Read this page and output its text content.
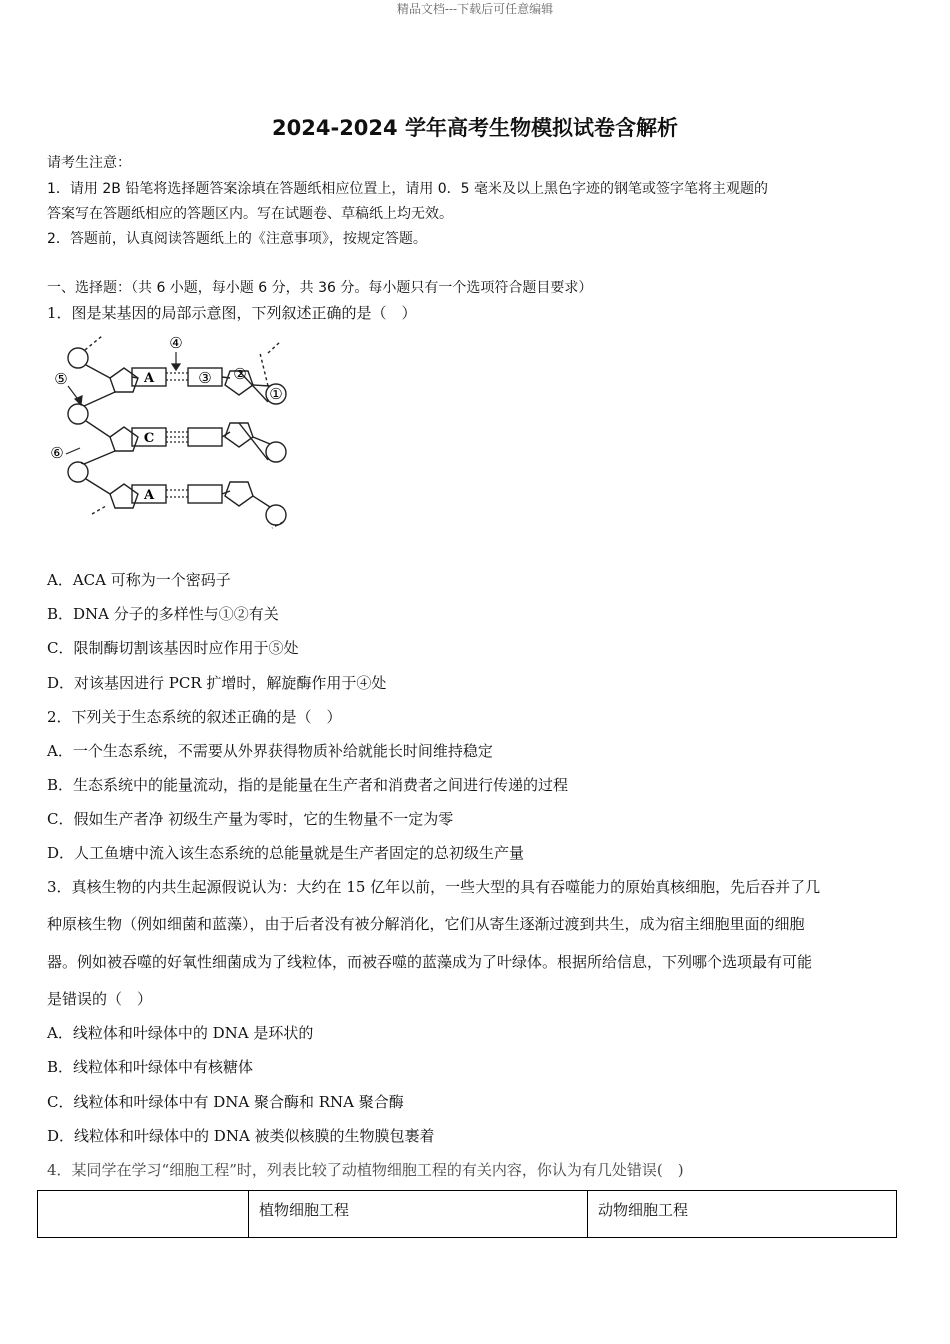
精品文档---下载后可任意编辑
2024-2024 学年高考生物模拟试卷含解析
请考生注意：
1．请用 2B 铅笔将选择题答案涂填在答题纸相应位置上，请用 0．5 毫米及以上黑色字迹的钢笔或签字笔将主观题的
答案写在答题纸相应的答题区内。写在试题卷、草稿纸上均无效。
2．答题前，认真阅读答题纸上的《注意事项》，按规定答题。
一、选择题：（共 6 小题，每小题 6 分，共 36 分。每小题只有一个选项符合题目要求）
1．图是某基因的局部示意图，下列叙述正确的是（　）
A
C
A
③
④
②
①
⑤
⑥
A．ACA 可称为一个密码子
B．DNA 分子的多样性与①②有关
C．限制酶切割该基因时应作用于⑤处
D．对该基因进行 PCR 扩增时，解旋酶作用于④处
2．下列关于生态系统的叙述正确的是（　）
A．一个生态系统，不需要从外界获得物质补给就能长时间维持稳定
B．生态系统中的能量流动，指的是能量在生产者和消费者之间进行传递的过程
C．假如生产者净 初级生产量为零时，它的生物量不一定为零
D．人工鱼塘中流入该生态系统的总能量就是生产者固定的总初级生产量
3．真核生物的内共生起源假说认为：大约在 15 亿年以前，一些大型的具有吞噬能力的原始真核细胞，先后吞并了几
种原核生物（例如细菌和蓝藻），由于后者没有被分解消化，它们从寄生逐渐过渡到共生，成为宿主细胞里面的细胞
器。例如被吞噬的好氧性细菌成为了线粒体，而被吞噬的蓝藻成为了叶绿体。根据所给信息，下列哪个选项最有可能
是错误的（　）
A．线粒体和叶绿体中的 DNA 是环状的
B．线粒体和叶绿体中有核糖体
C．线粒体和叶绿体中有 DNA 聚合酶和 RNA 聚合酶
D．线粒体和叶绿体中的 DNA 被类似核膜的生物膜包裹着
4．某同学在学习“细胞工程”时，列表比较了动植物细胞工程的有关内容，你认为有几处错误(　)
	植物细胞工程	动物细胞工程
